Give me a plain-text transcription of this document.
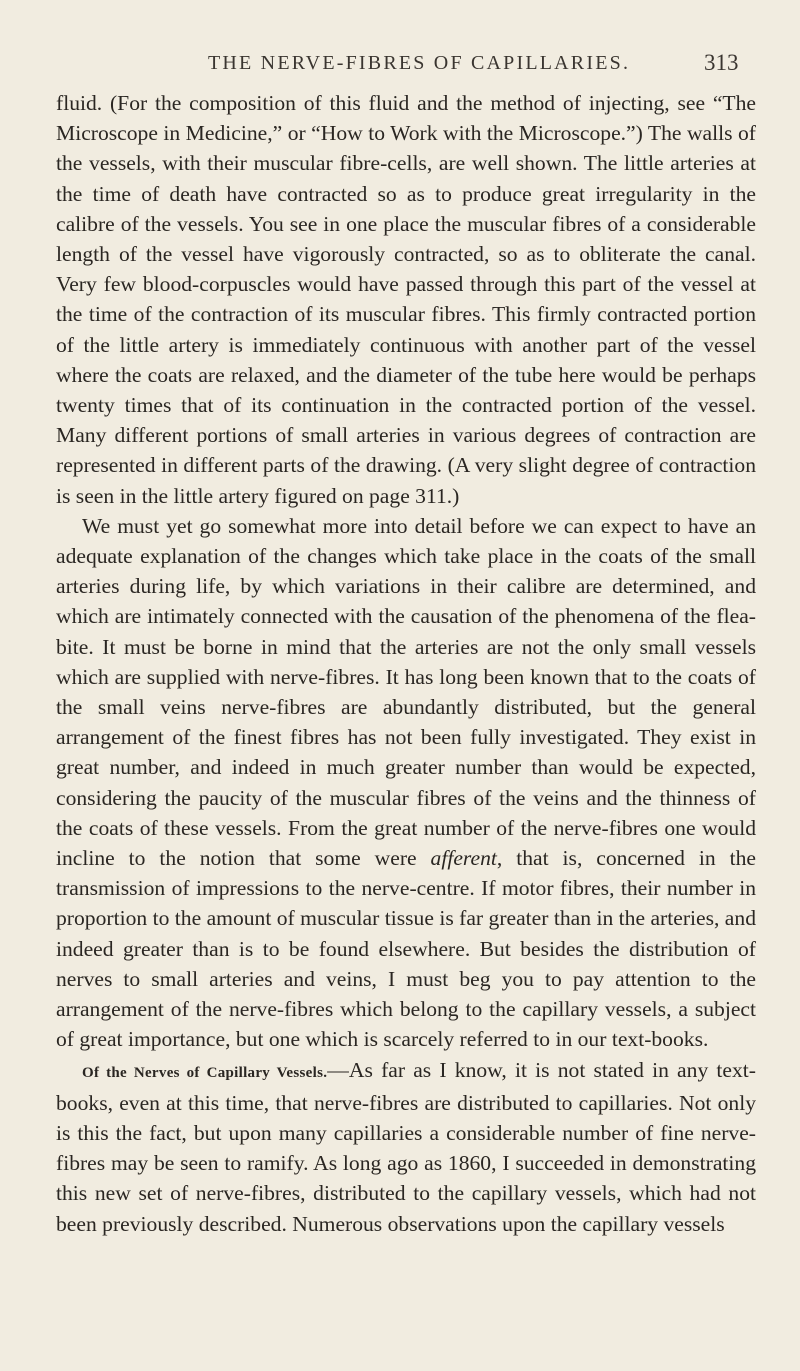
THE NERVE-FIBRES OF CAPILLARIES.	313

fluid. (For the composition of this fluid and the method of injecting, see “The Microscope in Medicine,” or “How to Work with the Microscope.”) The walls of the vessels, with their muscular fibre-cells, are well shown. The little arteries at the time of death have contracted so as to produce great irregularity in the calibre of the vessels. You see in one place the muscular fibres of a considerable length of the vessel have vigorously contracted, so as to obliterate the canal. Very few blood-corpuscles would have passed through this part of the vessel at the time of the contraction of its muscular fibres. This firmly contracted portion of the little artery is immediately continuous with another part of the vessel where the coats are relaxed, and the diameter of the tube here would be perhaps twenty times that of its continuation in the contracted portion of the vessel. Many different portions of small arteries in various degrees of contraction are represented in different parts of the drawing. (A very slight degree of contraction is seen in the little artery figured on page 311.)

We must yet go somewhat more into detail before we can expect to have an adequate explanation of the changes which take place in the coats of the small arteries during life, by which variations in their calibre are determined, and which are intimately connected with the causation of the phenomena of the flea-bite. It must be borne in mind that the arteries are not the only small vessels which are supplied with nerve-fibres. It has long been known that to the coats of the small veins nerve-fibres are abundantly distributed, but the general arrangement of the finest fibres has not been fully investigated. They exist in great number, and indeed in much greater number than would be expected, considering the paucity of the muscular fibres of the veins and the thinness of the coats of these vessels. From the great number of the nerve-fibres one would incline to the notion that some were afferent, that is, concerned in the transmission of impressions to the nerve-centre. If motor fibres, their number in proportion to the amount of muscular tissue is far greater than in the arteries, and indeed greater than is to be found elsewhere. But besides the distribution of nerves to small arteries and veins, I must beg you to pay attention to the arrangement of the nerve-fibres which belong to the capillary vessels, a subject of great importance, but one which is scarcely referred to in our text-books.

Of the Nerves of Capillary Vessels.—As far as I know, it is not stated in any text-books, even at this time, that nerve-fibres are distributed to capillaries. Not only is this the fact, but upon many capillaries a considerable number of fine nerve-fibres may be seen to ramify. As long ago as 1860, I succeeded in demonstrating this new set of nerve-fibres, distributed to the capillary vessels, which had not been previously described. Numerous observations upon the capillary vessels
